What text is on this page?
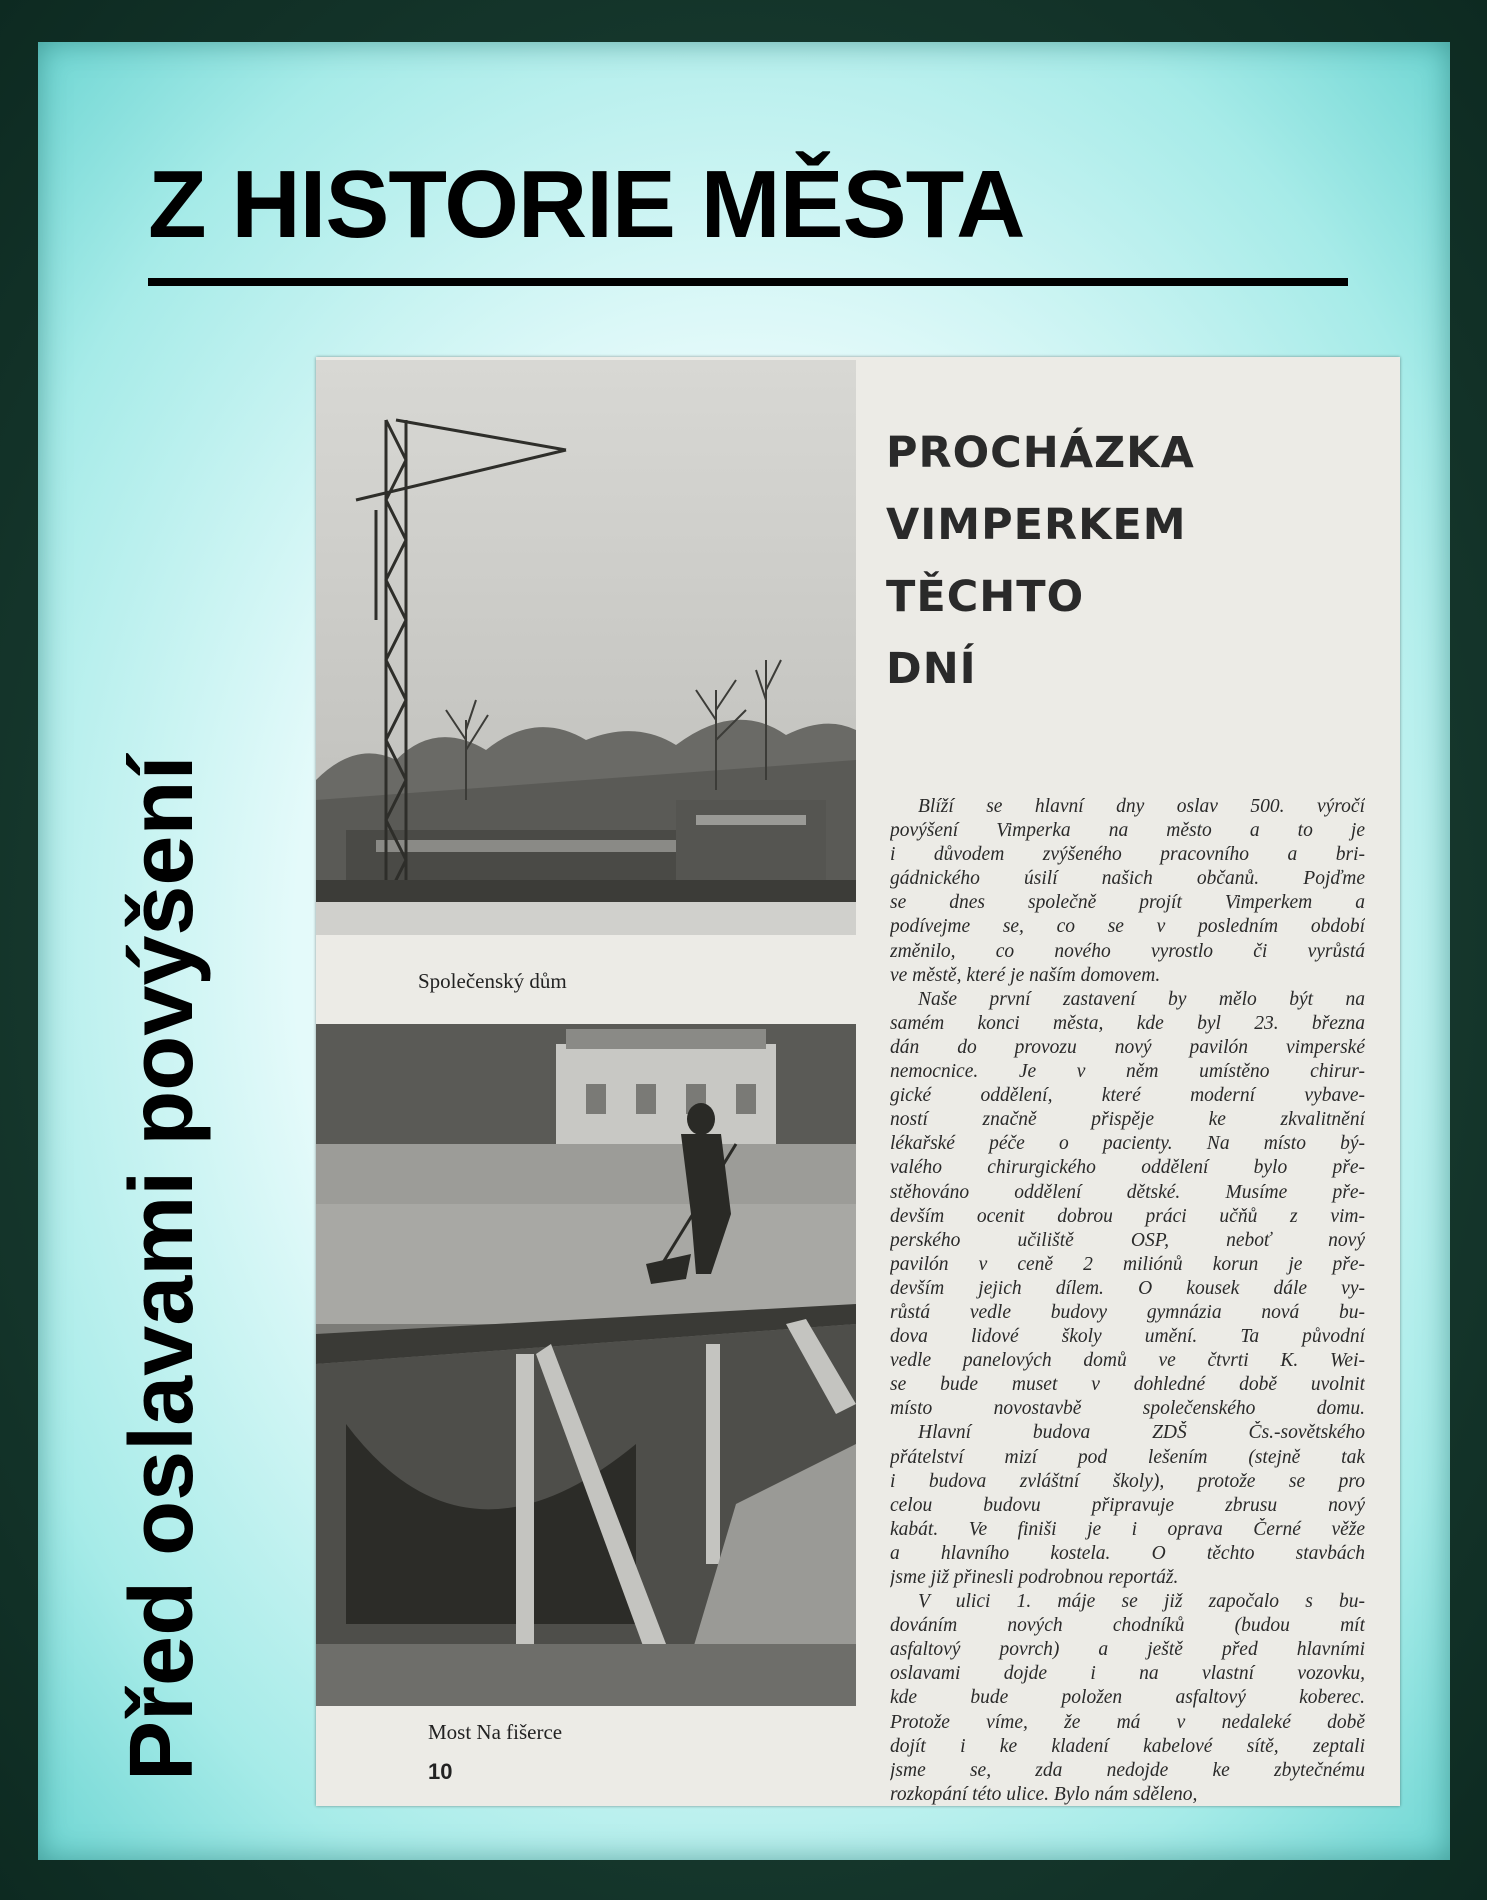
Z HISTORIE MĚSTA
Před oslavami povýšení	Společenský dům
Most Na fišerce
10
PROCHÁZKA
VIMPERKEM
TĚCHTO
DNÍ
Blíží se hlavní dny oslav 500. výročí
povýšení Vimperka na město a to je
i důvodem zvýšeného pracovního a bri-
gádnického úsilí našich občanů. Pojďme
se dnes společně projít Vimperkem a
podívejme se, co se v posledním období
změnilo, co nového vyrostlo či vyrůstá
ve městě, které je naším domovem.
Naše první zastavení by mělo být na
samém konci města, kde byl 23. března
dán do provozu nový pavilón vimperské
nemocnice. Je v něm umístěno chirur-
gické oddělení, které moderní vybave-
ností značně přispěje ke zkvalitnění
lékařské péče o pacienty. Na místo bý-
valého chirurgického oddělení bylo pře-
stěhováno oddělení dětské. Musíme pře-
devším ocenit dobrou práci učňů z vim-
perského učiliště OSP, neboť nový
pavilón v ceně 2 miliónů korun je pře-
devším jejich dílem. O kousek dále vy-
růstá vedle budovy gymnázia nová bu-
dova lidové školy umění. Ta původní
vedle panelových domů ve čtvrti K. Wei-
se bude muset v dohledné době uvolnit
místo novostavbě společenského domu.
Hlavní budova ZDŠ Čs.-sovětského
přátelství mizí pod lešením (stejně tak
i budova zvláštní školy), protože se pro
celou budovu připravuje zbrusu nový
kabát. Ve finiši je i oprava Černé věže
a hlavního kostela. O těchto stavbách
jsme již přinesli podrobnou reportáž.
V ulici 1. máje se již započalo s bu-
dováním nových chodníků (budou mít
asfaltový povrch) a ještě před hlavními
oslavami dojde i na vlastní vozovku,
kde bude položen asfaltový koberec.
Protože víme, že má v nedaleké době
dojít i ke kladení kabelové sítě, zeptali
jsme se, zda nedojde ke zbytečnému
rozkopání této ulice. Bylo nám sděleno,
